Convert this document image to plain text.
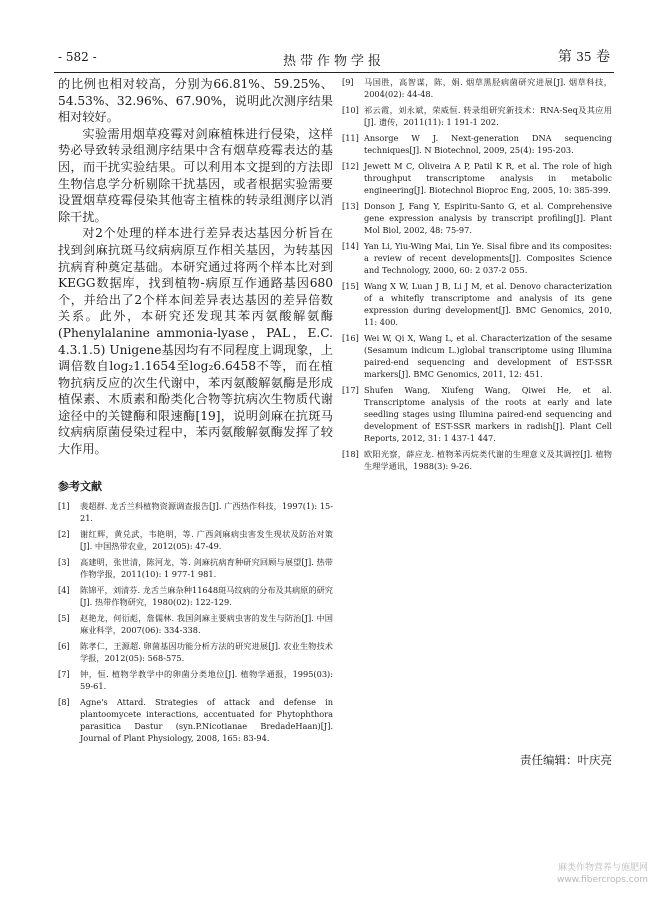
- 582 -	热带作物学报	第 35 卷

的比例也相对较高，分别为66.81%、59.25%、54.53%、32.96%、67.90%，说明此次测序结果相对较好。

实验需用烟草疫霉对剑麻植株进行侵染，这样势必导致转录组测序结果中含有烟草疫霉表达的基因，而干扰实验结果。可以利用本文提到的方法即生物信息学分析剔除干扰基因，或者根据实验需要设置烟草疫霉侵染其他寄主植株的转录组测序以消除干扰。

对2个处理的样本进行差异表达基因分析旨在找到剑麻抗斑马纹病病原互作相关基因，为转基因抗病育种奠定基础。本研究通过将两个样本比对到KEGG数据库，找到植物-病原互作通路基因680个，并给出了2个样本间差异表达基因的差异倍数关系。此外，本研究还发现其苯丙氨酸解氨酶(Phenylalanine ammonia-lyase，PAL，E.C. 4.3.1.5) Unigene基因均有不同程度上调现象，上调倍数自log₂1.1654至log₂6.6458不等，而在植物抗病反应的次生代谢中，苯丙氨酸解氨酶是形成植保素、木质素和酚类化合物等抗病次生物质代谢途径中的关键酶和限速酶[19]，说明剑麻在抗斑马纹病病原菌侵染过程中，苯丙氨酸解氨酶发挥了较大作用。

参考文献
[1]	裴超群. 龙舌兰科植物资源调查报告[J]. 广西热作科技，1997(1): 15-21.
[2]	谢红辉，黄兑武，韦艳明，等. 广西剑麻病虫害发生现状及防治对策[J]. 中国热带农业，2012(05): 47-49.
[3]	高建明，张世清，陈河龙，等. 剑麻抗病育种研究回顾与展望[J]. 热带作物学报，2011(10): 1 977-1 981.
[4]	陈锦平，刘清芬. 龙舌兰麻杂种11648斑马纹病的分布及其病原的研究[J]. 热带作物研究，1980(02): 122-129.
[5]	赵艳龙，何衍彪，詹儒林. 我国剑麻主要病虫害的发生与防治[J]. 中国麻业科学，2007(06): 334-338.
[6]	陈孝仁，王源超. 卵菌基因功能分析方法的研究进展[J]. 农业生物技术学报，2012(05): 568-575.
[7]	钟，恒. 植物学教学中的卵菌分类地位[J]. 植物学通报，1995(03): 59-61.
[8]	Agne's Attard. Strategies of attack and defense in plantoomycete interactions, accentuated for Phytophthora parasitica Dastur (syn.P.Nicotianae BredadeHaan)[J]. Journal of Plant Physiology, 2008, 165: 83-94.
[9]	马国胜，高智谋，陈，娟. 烟草黑胫病菌研究进展[J]. 烟草科技，2004(02): 44-48.
[10] 祁云霞，刘永斌，荣威恒. 转录组研究新技术：RNA-Seq及其应用[J]. 遗传，2011(11): 1 191-1 202.
[11] Ansorge W J. Next-generation DNA sequencing techniques[J]. N Biotechnol, 2009, 25(4): 195-203.
[12] Jewett M C, Oliveira A P, Patil K R, et al. The role of high throughput transcriptome analysis in metabolic engineering[J]. Biotechnol Bioproc Eng, 2005, 10: 385-399.
[13] Donson J, Fang Y, Espiritu-Santo G, et al. Comprehensive gene expression analysis by transcript profiling[J]. Plant Mol Biol, 2002, 48: 75-97.
[14] Yan Li, Yiu-Wing Mai, Lin Ye. Sisal fibre and its composites: a review of recent developments[J]. Composites Science and Technology, 2000, 60: 2 037-2 055.
[15] Wang X W, Luan J B, Li J M, et al. Denovo characterization of a whitefly transcriptome and analysis of its gene expression during development[J]. BMC Genomics, 2010, 11: 400.
[16] Wei W, Qi X, Wang L, et al. Characterization of the sesame (Sesamum indicum L.)global transcriptome using Illumina paired-end sequencing and development of EST-SSR markers[J]. BMC Genomics, 2011, 12: 451.
[17] Shufen Wang, Xiufeng Wang, Qiwei He, et al. Transcriptome analysis of the roots at early and late seedling stages using Illumina paired-end sequencing and development of EST-SSR markers in radish[J]. Plant Cell Reports, 2012, 31: 1 437-1 447.
[18] 欧阳光察，薛应龙. 植物苯丙烷类代谢的生理意义及其调控[J]. 植物生理学通讯，1988(3): 9-26.
责任编辑：叶庆亮
麻类作物营养与施肥网
www.fibercrops.com
